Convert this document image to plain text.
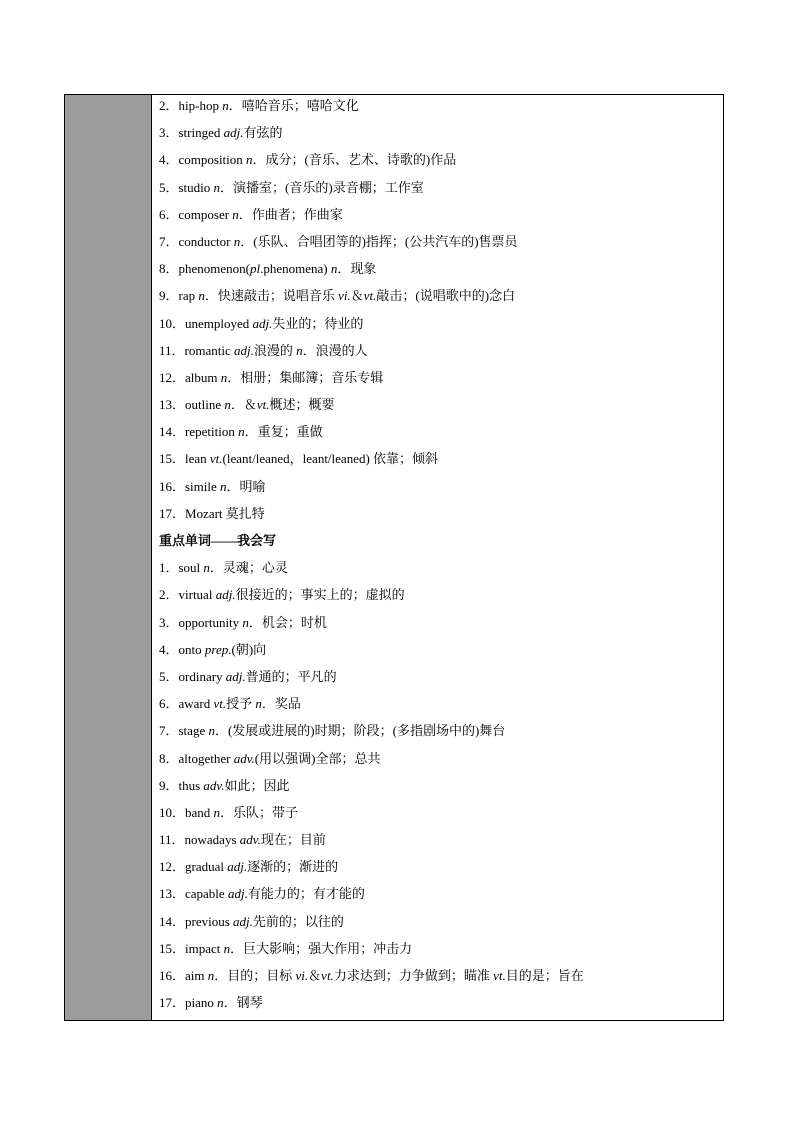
2．hip-hop n．嘻哈音乐；嘻哈文化
3．stringed adj.有弦的
4．composition n．成分；(音乐、艺术、诗歌的)作品
5．studio n．演播室；(音乐的)录音棚；工作室
6．composer n．作曲者；作曲家
7．conductor n．(乐队、合唱团等的)指挥；(公共汽车的)售票员
8．phenomenon(pl.phenomena) n．现象
9．rap n．快速敲击；说唱音乐 vi.＆vt.敲击；(说唱歌中的)念白
10．unemployed adj.失业的；待业的
11．romantic adj.浪漫的 n．浪漫的人
12．album n．相册；集邮簿；音乐专辑
13．outline n．＆vt.概述；概要
14．repetition n．重复；重做
15．lean vt.(leant/leaned，leant/leaned) 依靠；倾斜
16．simile n．明喻
17．Mozart 莫扎特
重点单词——我会写
1．soul n．灵魂；心灵
2．virtual adj.很接近的；事实上的；虚拟的
3．opportunity n．机会；时机
4．onto prep.(朝)向
5．ordinary adj.普通的；平凡的
6．award vt.授予 n．奖品
7．stage n．(发展或进展的)时期；阶段；(多指剧场中的)舞台
8．altogether adv.(用以强调)全部；总共
9．thus adv.如此；因此
10．band n．乐队；带子
11．nowadays adv.现在；目前
12．gradual adj.逐渐的；渐进的
13．capable adj.有能力的；有才能的
14．previous adj.先前的；以往的
15．impact n．巨大影响；强大作用；冲击力
16．aim n．目的；目标 vi.＆vt.力求达到；力争做到；瞄准 vt.目的是；旨在
17．piano n．钢琴
